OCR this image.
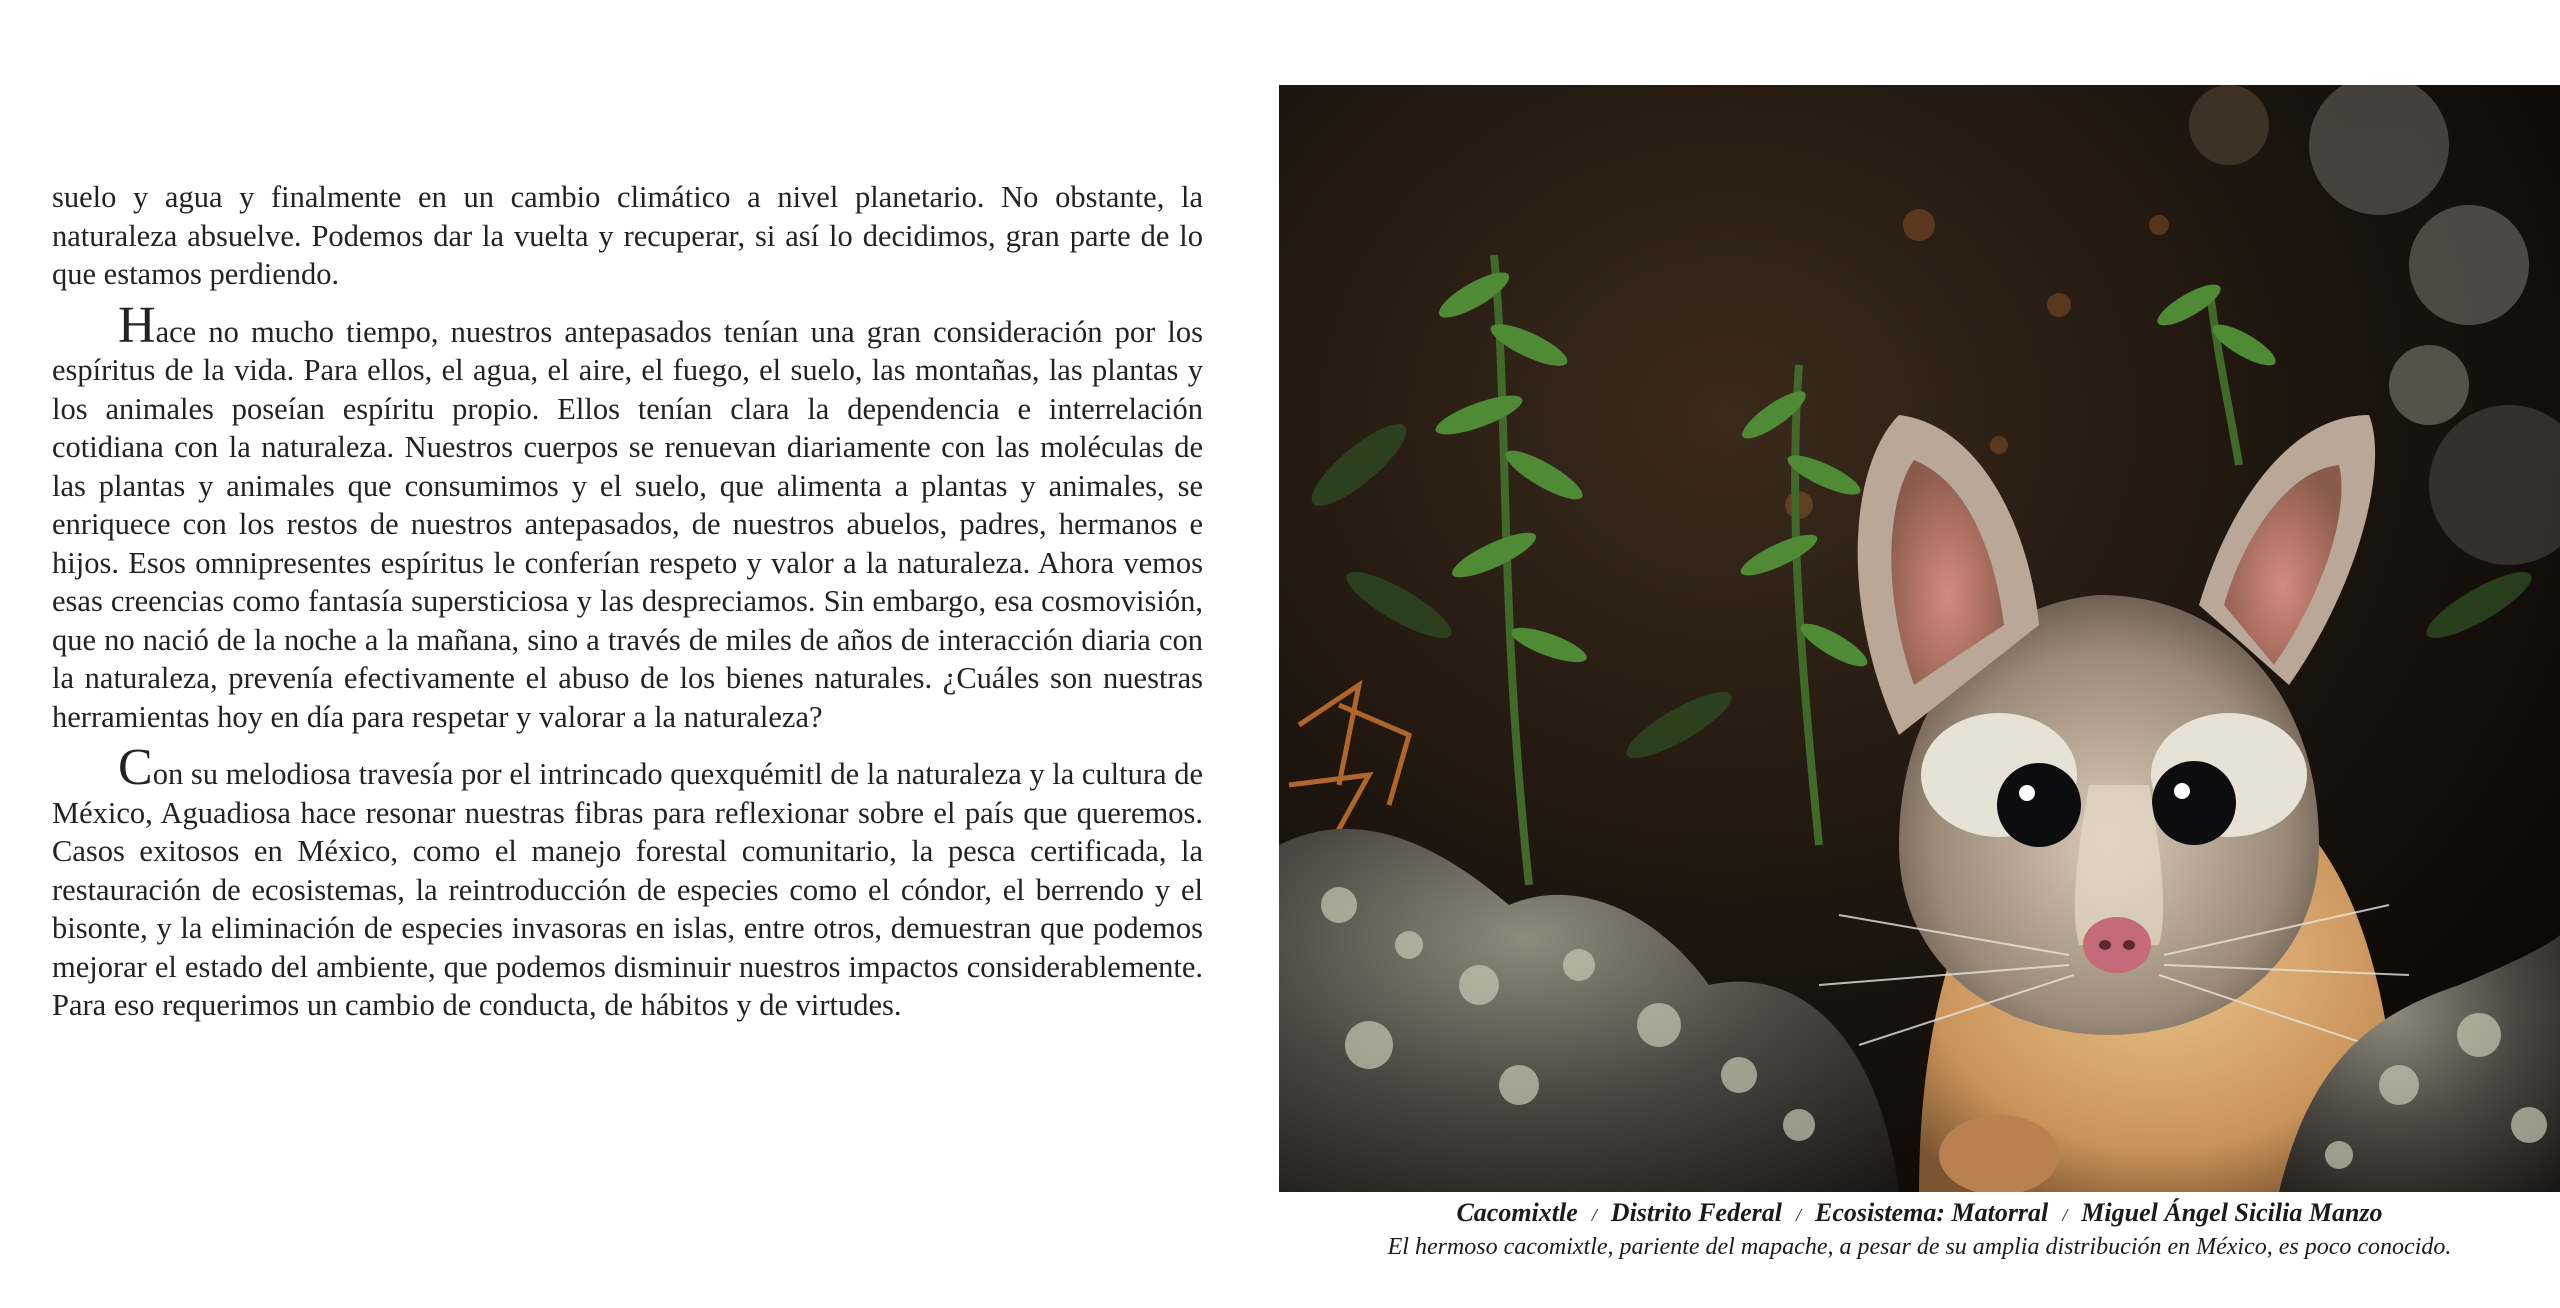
suelo y agua y finalmente en un cambio climático a nivel planetario. No obstante, la naturaleza absuelve. Podemos dar la vuelta y recuperar, si así lo decidimos, gran parte de lo que estamos perdiendo.

Hace no mucho tiempo, nuestros antepasados tenían una gran consideración por los espíritus de la vida. Para ellos, el agua, el aire, el fuego, el suelo, las montañas, las plantas y los animales poseían espíritu propio. Ellos tenían clara la dependencia e interrelación cotidiana con la naturaleza. Nuestros cuerpos se renuevan diariamente con las moléculas de las plantas y animales que consumimos y el suelo, que alimenta a plantas y animales, se enriquece con los restos de nuestros antepasados, de nuestros abuelos, padres, hermanos e hijos. Esos omnipresentes espíritus le conferían respeto y valor a la naturaleza. Ahora vemos esas creencias como fantasía supersticiosa y las despreciamos. Sin embargo, esa cosmovisión, que no nació de la noche a la mañana, sino a través de miles de años de interacción diaria con la naturaleza, prevenía efectivamente el abuso de los bienes naturales. ¿Cuáles son nuestras herramientas hoy en día para respetar y valorar a la naturaleza?

Con su melodiosa travesía por el intrincado quexquémitl de la naturaleza y la cultura de México, Aguadiosa hace resonar nuestras fibras para reflexionar sobre el país que queremos. Casos exitosos en México, como el manejo forestal comunitario, la pesca certificada, la restauración de ecosistemas, la reintroducción de especies como el cóndor, el berrendo y el bisonte, y la eliminación de especies invasoras en islas, entre otros, demuestran que podemos mejorar el estado del ambiente, que podemos disminuir nuestros impactos considerablemente. Para eso requerimos un cambio de conducta, de hábitos y de virtudes.

Cacomixtle / Distrito Federal / Ecosistema: Matorral / Miguel Ángel Sicilia Manzo
El hermoso cacomixtle, pariente del mapache, a pesar de su amplia distribución en México, es poco conocido.
